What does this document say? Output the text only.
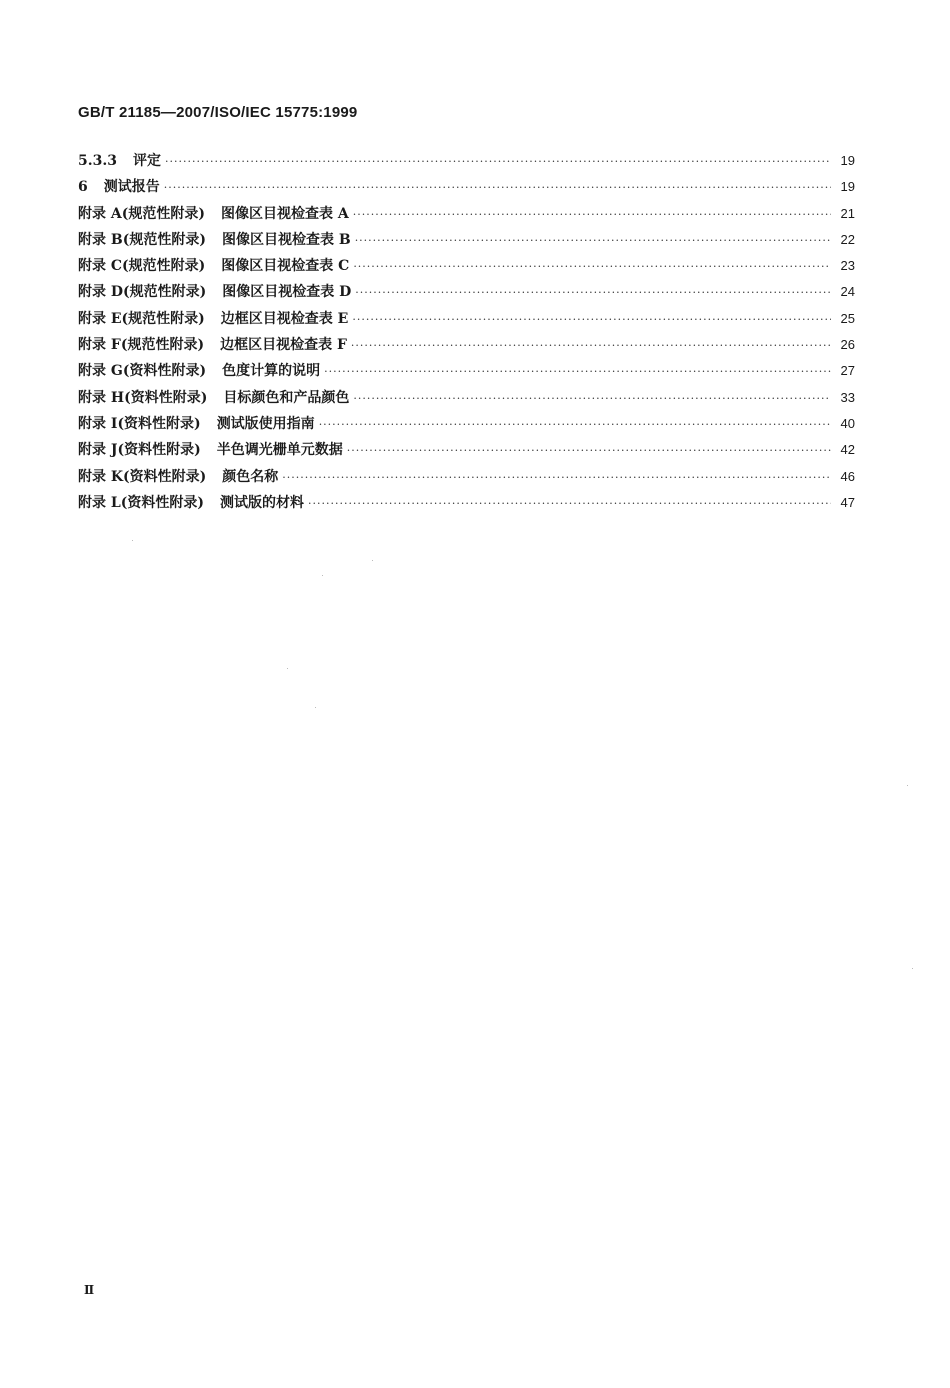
GB/T 21185—2007/ISO/IEC 15775:1999
5.3.3 评定 ·····	19
6 测试报告 ·····	19
附录 A(规范性附录) 图像区目视检查表 A ·····	21
附录 B(规范性附录) 图像区目视检查表 B ·····	22
附录 C(规范性附录) 图像区目视检查表 C ·····	23
附录 D(规范性附录) 图像区目视检查表 D ·····	24
附录 E(规范性附录) 边框区目视检查表 E ·····	25
附录 F(规范性附录) 边框区目视检查表 F ·····	26
附录 G(资料性附录) 色度计算的说明 ·····	27
附录 H(资料性附录) 目标颜色和产品颜色 ·····	33
附录 I(资料性附录) 测试版使用指南 ·····	40
附录 J(资料性附录) 半色调光栅单元数据 ·····	42
附录 K(资料性附录) 颜色名称 ·····	46
附录 L(资料性附录) 测试版的材料 ·····	47
Ⅱ
